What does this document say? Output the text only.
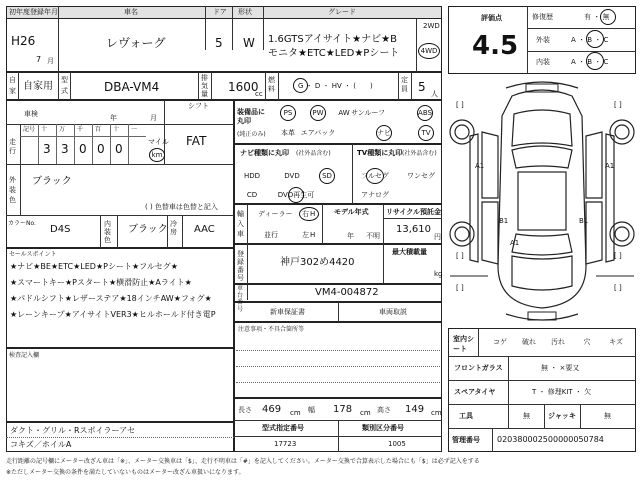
初年度登録年月	車名	ドア 形状	グレード
2WD
H26
7 月
レヴォーグ	5 W 1.6GTSアイサイト★ナビ★B
モニタ★ETC★LED★Pシート	4WD
自
家 自家用
型
式	DBA-VM4
排気量 1600
cc
燃料	G ・ D ・ HV ・ (　　)
定員 5 人
車検	年	月
シフト
FAT
走行
記号 十
3
万
3
千
0
百
0
十
0
一
マイル
km
外
装
色
ブラック
( ) 色替車は色替と記入
カラーNo.
D4S	内装色
ブラック 冷房	AAC
装備品に丸印
(純正のみ)
PS	PW AW サンルーフ	ABS
本革 エアバック	ナビ	TV
ナビ種類に丸印 (社外品含む)	TV種類に丸印 (社外品含む)
HDD	DVD	SD
CD	DVD再生可
フルセグ	ワンセグ
アナログ
輸
入
車
ディーラー
並行
右 H
左 H
モデル年式
年 不明
リサイクル預託金
13,610
円
登録番号
神戸302め4420
最大積載量
kg
車台番号
VM4-004872
セールスポイント
★ナビ★BE★ETC★LED★Pシート★フルセグ★
★スマートキー★Pスタート★横滑防止★Aライト★
★パドルシフト★レザーステア★18インチAW★フォグ★
★レーンキープ★アイサイトVER3★ヒルホールド付き電P
検査記入欄
ダクト・グリル・Rスポイラーアセ
コキズ／ホイルA
新車保証書	車両取説
注意事項・不具合箇所等
長さ 469 cm 幅 178 cm 高さ 149 cm
型式指定番号	類別区分番号
17723	1005
評価点
4.5
修復歴	有 ・ 無
外装	A ・ B ・ C
内装	A ・ B ・ C
[ ]	[ ]
[ ]	[ ]
[ ]	[ ]
A1	A1
B1	B1
A1
室内シート
コゲ 破れ 汚れ	穴	キズ
フロントガラス	無 ・ ×要又
スペアタイヤ	T ・ 修理KIT ・ 欠
工具	無	ジャッキ	無
管理番号 020380002500000050784
走行距離の記号欄にメーター改ざん車は「※」、メーター交換車は「$」、走行不明車は「#」を記入してください。メーター交換で合算表示した場合にも「$」は必ず記入をする
※ただしメーター交換の条件を満たしていないものはメーター改ざん車扱いになります。
